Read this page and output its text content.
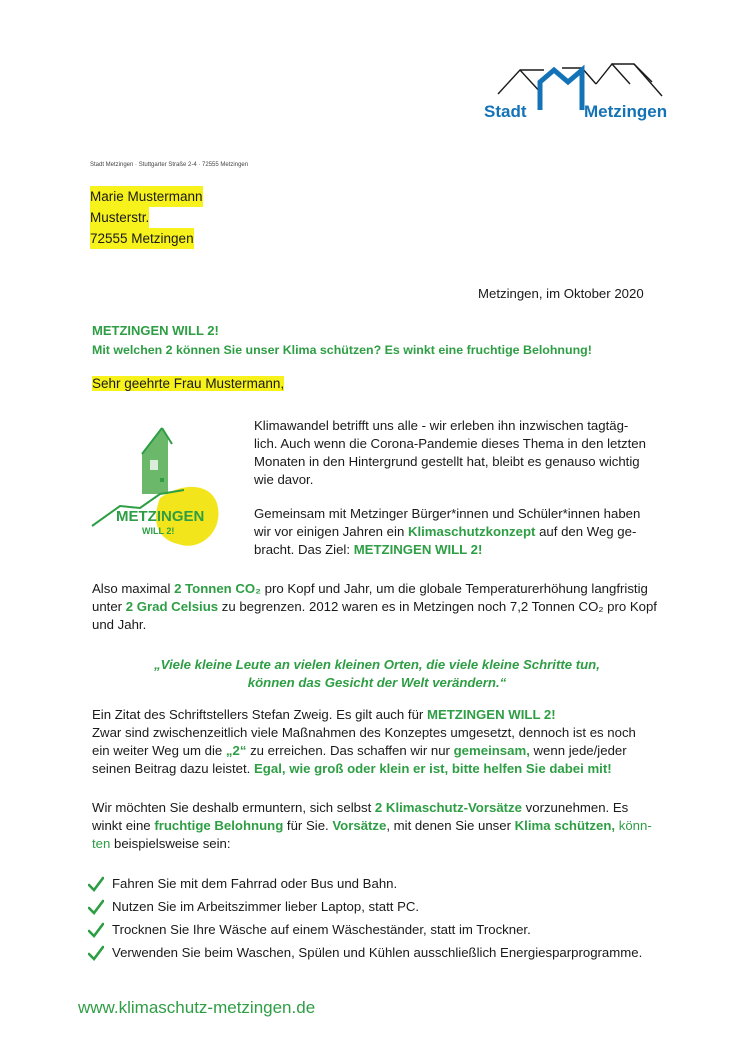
Stadt	Metzingen
Stadt Metzingen · Stuttgarter Straße 2-4 · 72555 Metzingen
Marie Mustermann
Musterstr.
72555 Metzingen
Metzingen, im Oktober 2020
METZINGEN WILL 2!
Mit welchen 2 können Sie unser Klima schützen? Es winkt eine fruchtige Belohnung!
Sehr geehrte Frau Mustermann,
METZINGEN
WILL 2!
Klimawandel betrifft uns alle - wir erleben ihn inzwischen tagtäg-
lich. Auch wenn die Corona-Pandemie dieses Thema in den letzten
Monaten in den Hintergrund gestellt hat, bleibt es genauso wichtig
wie davor.
Gemeinsam mit Metzinger Bürger*innen und Schüler*innen haben
wir vor einigen Jahren ein Klimaschutzkonzept auf den Weg ge-
bracht. Das Ziel: METZINGEN WILL 2!
Also maximal 2 Tonnen CO₂ pro Kopf und Jahr, um die globale Temperaturerhöhung langfristig
unter 2 Grad Celsius zu begrenzen. 2012 waren es in Metzingen noch 7,2 Tonnen CO₂ pro Kopf
und Jahr.
„Viele kleine Leute an vielen kleinen Orten, die viele kleine Schritte tun,
können das Gesicht der Welt verändern.“
Ein Zitat des Schriftstellers Stefan Zweig. Es gilt auch für METZINGEN WILL 2!
Zwar sind zwischenzeitlich viele Maßnahmen des Konzeptes umgesetzt, dennoch ist es noch
ein weiter Weg um die „2“ zu erreichen. Das schaffen wir nur gemeinsam, wenn jede/jeder
seinen Beitrag dazu leistet. Egal, wie groß oder klein er ist, bitte helfen Sie dabei mit!
Wir möchten Sie deshalb ermuntern, sich selbst 2 Klimaschutz-Vorsätze vorzunehmen. Es
winkt eine fruchtige Belohnung für Sie. Vorsätze, mit denen Sie unser Klima schützen, könn-
ten beispielsweise sein:
Fahren Sie mit dem Fahrrad oder Bus und Bahn.
Nutzen Sie im Arbeitszimmer lieber Laptop, statt PC.
Trocknen Sie Ihre Wäsche auf einem Wäscheständer, statt im Trockner.
Verwenden Sie beim Waschen, Spülen und Kühlen ausschließlich Energiesparprogramme.
www.klimaschutz-metzingen.de
